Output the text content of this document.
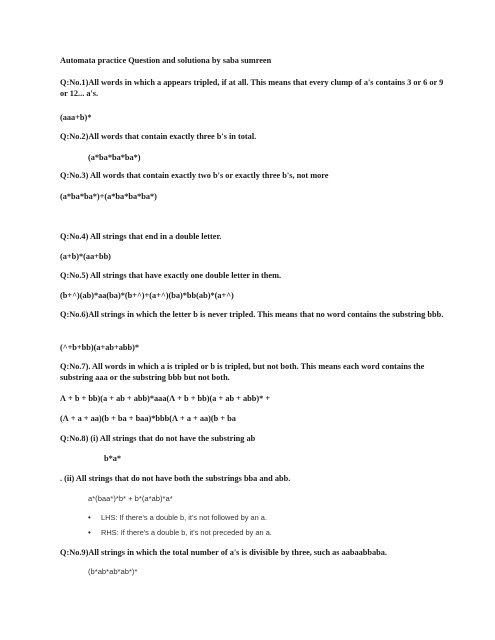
Automata practice Question and solutiona by saba sumreen
Q:No.1)All words in which a appears tripled, if at all. This means that every clump of a's contains 3 or 6 or 9 or 12... a's.
(aaa+b)*
Q:No.2)All words that contain exactly three b's in total.
(a*ba*ba*ba*)
Q:No.3) All words that contain exactly two b's or exactly three b's, not more
(a*ba*ba*)+(a*ba*ba*ba*)
Q:No.4) All strings that end in a double letter.
(a+b)*(aa+bb)
Q:No.5) All strings that have exactly one double letter in them.
(b+^)(ab)*aa(ba)*(b+^)+(a+^)(ba)*bb(ab)*(a+^)
Q:No.6)All strings in which the letter b is never tripled. This means that no word contains the substring bbb.
(^+b+bb)(a+ab+abb)*
Q:No.7). All words in which a is tripled or b is tripled, but not both. This means each word contains the substring aaa or the substring bbb but not both.
Λ + b + bb)(a + ab + abb)*aaa(Λ + b + bb)(a + ab + abb)* +
(Λ + a + aa)(b + ba + baa)*bbb(Λ + a + aa)(b + ba
Q:No.8) (i) All strings that do not have the substring ab
b*a*
. (ii) All strings that do not have both the substrings bba and abb.
a*(baa*)*b* + b*(a*ab)*a*
• LHS: If there's a double b, it's not followed by an a.
• RHS: If there's a double b, it's not preceded by an a.
Q:No.9)All strings in which the total number of a's is divisible by three, such as aabaabbaba.
(b*ab*ab*ab*)*
